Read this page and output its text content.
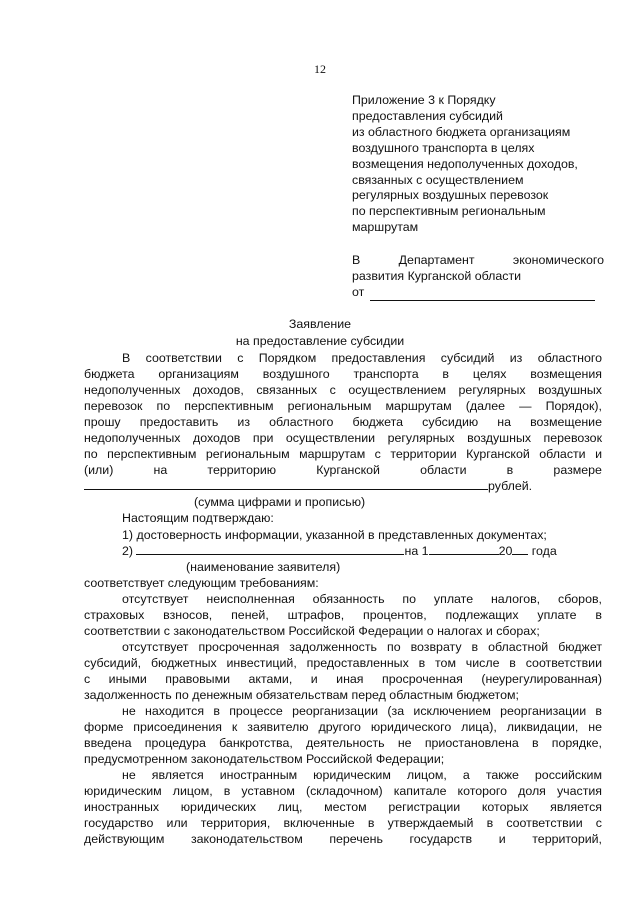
12
Приложение 3 к Порядку
предоставления субсидий
из областного бюджета организациям
воздушного транспорта в целях
возмещения недополученных доходов,
связанных с осуществлением
регулярных воздушных перевозок
по перспективным региональным
маршрутам
В	Департамент	экономического
развития Курганской области
от
Заявление
на предоставление субсидии
В соответствии с Порядком предоставления субсидий из областного
бюджета организациям воздушного транспорта в целях возмещения
недополученных доходов, связанных с осуществлением регулярных воздушных
перевозок по перспективным региональным маршрутам (далее — Порядок),
прошу предоставить из областного бюджета субсидию на возмещение
недополученных доходов при осуществлении регулярных воздушных перевозок
по перспективным региональным маршрутам с территории Курганской области и
(или)	на	территорию	Курганской	области	в	размере
рублей.
(сумма цифрами и прописью)
Настоящим подтверждаю:
1) достоверность информации, указанной в представленных документах;
2)	на 1	20 года
(наименование заявителя)
соответствует следующим требованиям:
отсутствует неисполненная обязанность по уплате налогов, сборов,
страховых взносов, пеней, штрафов, процентов, подлежащих уплате в
соответствии с законодательством Российской Федерации о налогах и сборах;
отсутствует просроченная задолженность по возврату в областной бюджет
субсидий, бюджетных инвестиций, предоставленных в том числе в соответствии
с иными правовыми актами, и иная просроченная (неурегулированная)
задолженность по денежным обязательствам перед областным бюджетом;
не находится в процессе реорганизации (за исключением реорганизации в
форме присоединения к заявителю другого юридического лица), ликвидации, не
введена процедура банкротства, деятельность не приостановлена в порядке,
предусмотренном законодательством Российской Федерации;
не является иностранным юридическим лицом, а также российским
юридическим лицом, в уставном (складочном) капитале которого доля участия
иностранных юридических лиц, местом регистрации которых является
государство или территория, включенные в утверждаемый в соответствии с
действующим законодательством перечень государств и территорий,
